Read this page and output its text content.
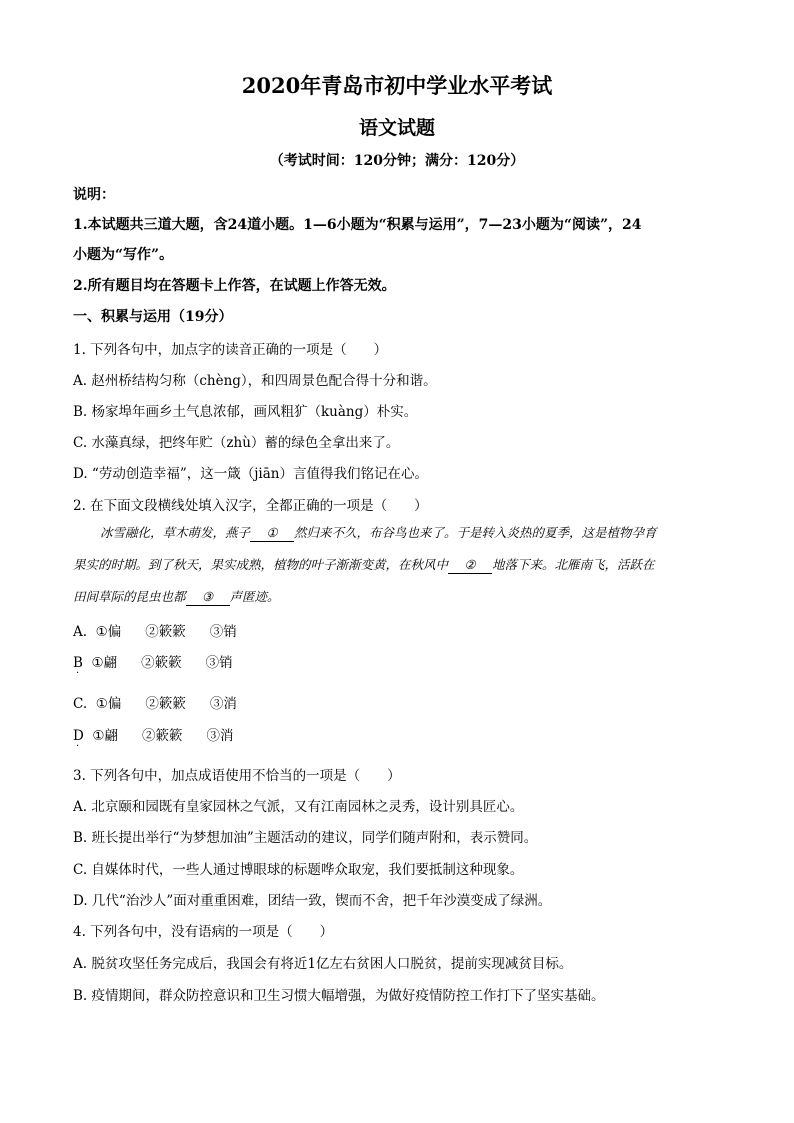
2020年青岛市初中学业水平考试
语文试题
（考试时间：120分钟；满分：120分）
说明：
1.本试题共三道大题，含24道小题。1—6小题为“积累与运用”，7—23小题为“阅读”，24
小题为“写作”。
2.所有题目均在答题卡上作答，在试题上作答无效。
一、积累与运用（19分）
1. 下列各句中，加点字的读音正确的一项是（　　）
A. 赵州桥结构匀称（chèng），和四周景色配合得十分和谐。
B. 杨家埠年画乡土气息浓郁，画风粗犷（kuàng）朴实。
C. 水藻真绿，把终年贮（zhù）蓄的绿色全拿出来了。
D. “劳动创造幸福”，这一箴（jiān）言值得我们铭记在心。
2. 在下面文段横线处填入汉字，全都正确的一项是（　　）
冰雪融化，草木萌发，燕子 ① 然归来不久，布谷鸟也来了。于是转入炎热的夏季，这是植物孕育
果实的时期。到了秋天，果实成熟，植物的叶子渐渐变黄，在秋风中 ② 地落下来。北雁南飞，活跃在
田间草际的昆虫也都 ③ 声匿迹。
A. ①偏 ②簌簌 ③销
B ①翩 ②簌簌 ③销
·
C. ①偏 ②簌簌 ③消
D ①翩 ②簌簌 ③消
·
3. 下列各句中，加点成语使用不恰当的一项是（　　）
A. 北京颐和园既有皇家园林之气派，又有江南园林之灵秀，设计别具匠心。
B. 班长提出举行“为梦想加油”主题活动的建议，同学们随声附和，表示赞同。
C. 自媒体时代，一些人通过博眼球的标题哗众取宠，我们要抵制这种现象。
D. 几代“治沙人”面对重重困难，团结一致，锲而不舍，把千年沙漠变成了绿洲。
4. 下列各句中，没有语病的一项是（　　）
A. 脱贫攻坚任务完成后，我国会有将近1亿左右贫困人口脱贫，提前实现减贫目标。
B. 疫情期间，群众防控意识和卫生习惯大幅增强，为做好疫情防控工作打下了坚实基础。
